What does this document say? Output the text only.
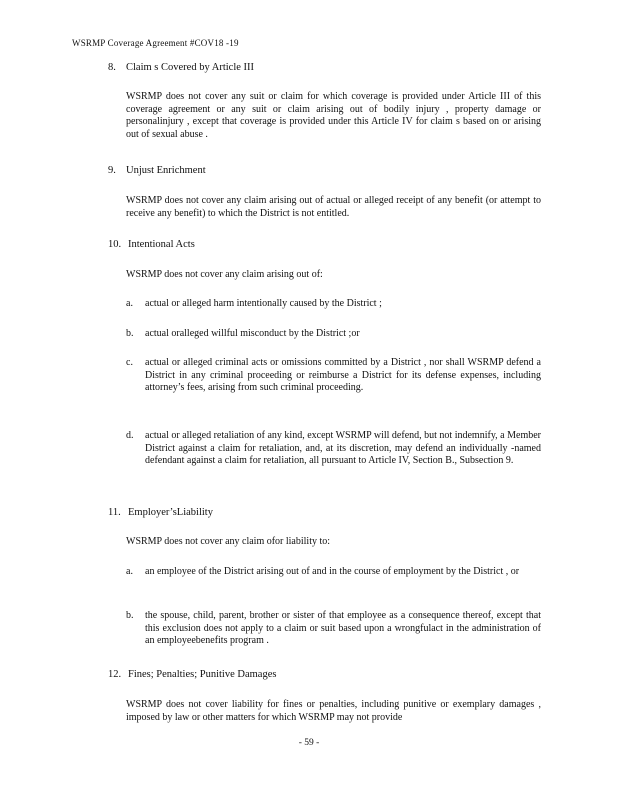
WSRMP Coverage Agreement #COV18 -19
8. Claim s Covered by Article III

WSRMP does not cover any suit or claim for which coverage is provided under Article III of this coverage agreement or any suit or claim arising out of bodily injury , property damage or personalinjury , except that coverage is provided under this Article IV for claim s based on or arising out of sexual abuse .

9. Unjust Enrichment

WSRMP does not cover any claim arising out of actual or alleged receipt of any benefit (or attempt to receive any benefit) to which the District is not entitled.

10. Intentional Acts

WSRMP does not cover any claim arising out of:

a. actual or alleged harm intentionally caused by the District ;
b. actual oralleged willful misconduct by the District ;or
c. actual or alleged criminal acts or omissions committed by a District , nor shall WSRMP defend a District in any criminal proceeding or reimburse a District for its defense expenses, including attorney’s fees, arising from such criminal proceeding.
d. actual or alleged retaliation of any kind, except WSRMP will defend, but not indemnify, a Member District against a claim for retaliation, and, at its discretion, may defend an individually -named defendant against a claim for retaliation, all pursuant to Article IV, Section B., Subsection 9.
11. Employer’sLiability

WSRMP does not cover any claim ofor liability to:

a. an employee of the District arising out of and in the course of employment by the District , or
b. the spouse, child, parent, brother or sister of that employee as a consequence thereof, except that this exclusion does not apply to a claim or suit based upon a wrongfulact in the administration of an employeebenefits program .
12. Fines; Penalties; Punitive Damages

WSRMP does not cover liability for fines or penalties, including punitive or exemplary damages , imposed by law or other matters for which WSRMP may not provide

- 59 -
